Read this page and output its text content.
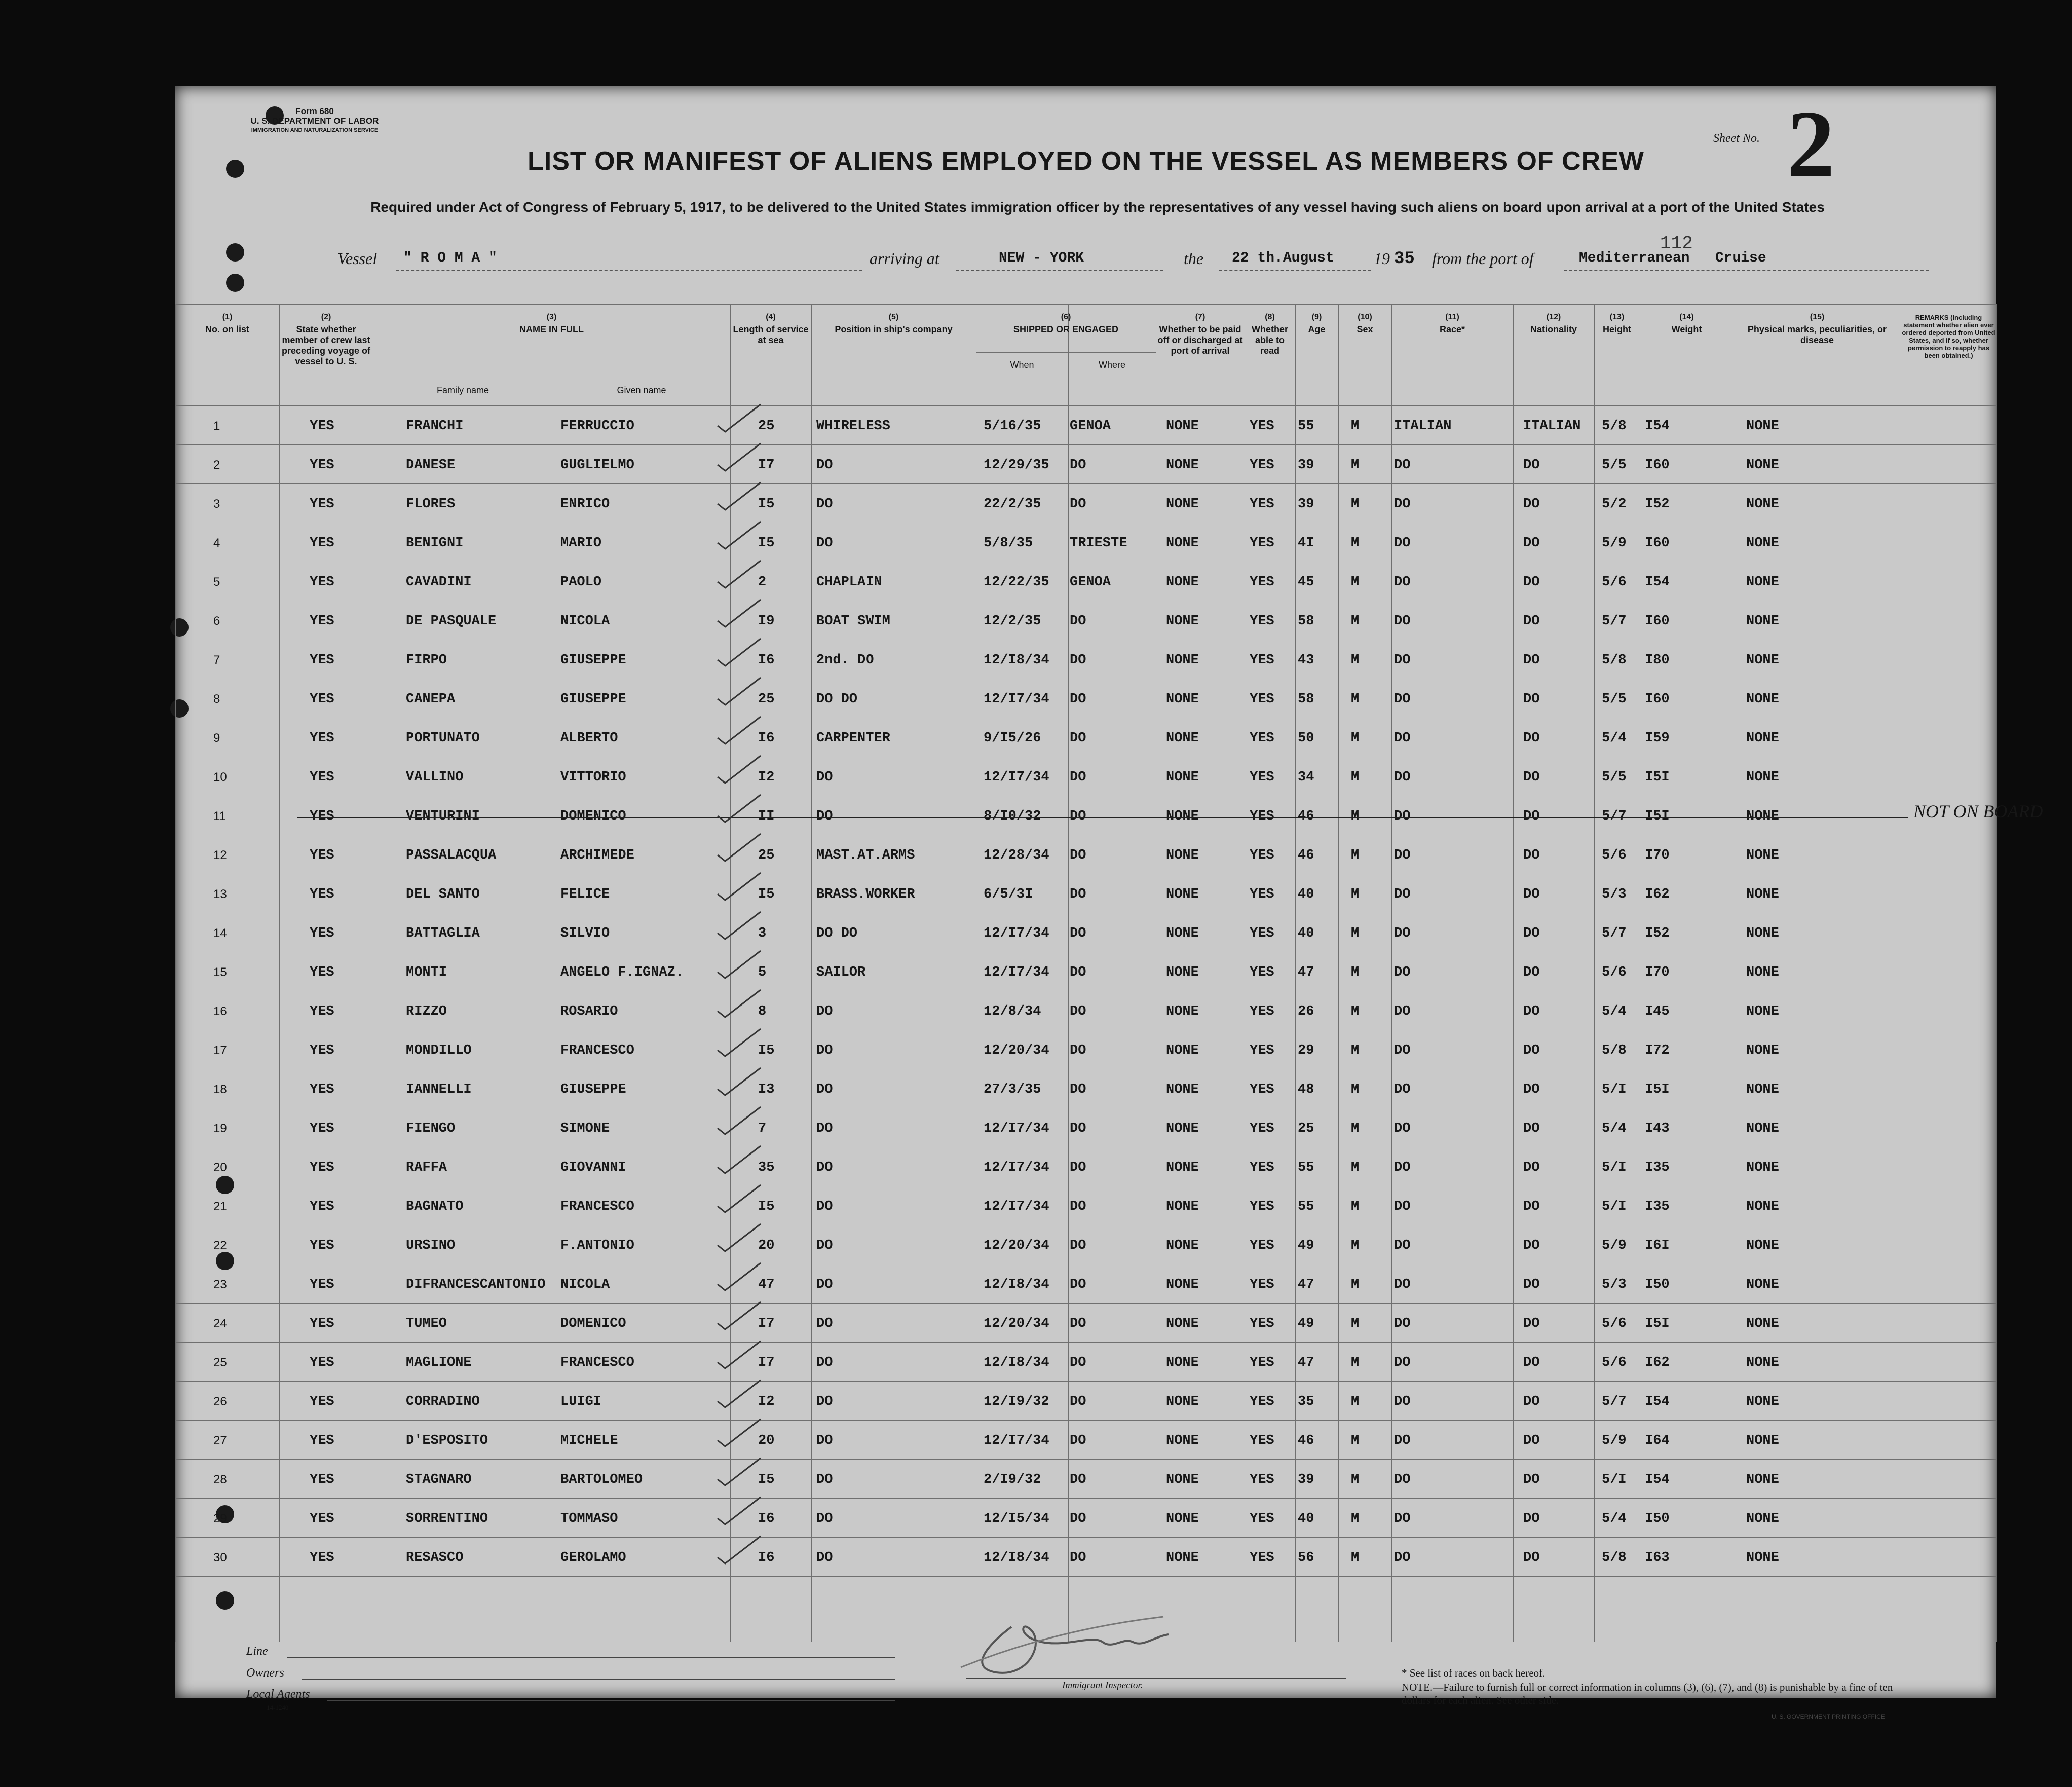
Form 680
U. S. DEPARTMENT OF LABOR
IMMIGRATION AND NATURALIZATION SERVICE
Sheet No. 2
LIST OR MANIFEST OF ALIENS EMPLOYED ON THE VESSEL AS MEMBERS OF CREW
Required under Act of Congress of February 5, 1917, to be delivered to the United States immigration officer by the representatives of any vessel having such aliens on board upon arrival at a port of the United States
112
Vessel " R O M A "	arriving at	NEW - YORK	the 22 th.August 19 35 from the port of	Mediterranean   Cruise
(1)
No. on list
(2)
State whether member of crew last preceding voyage of vessel to U. S.
(3)
NAME IN FULL
(4)
Length of service at sea
(5)
Position in ship's company
(6)
SHIPPED OR ENGAGED
(7)
Whether to be paid off or discharged at port of arrival
(8)
Whether able to read
(9)
Age
(10)
Sex
(11)
Race*
(12)
Nationality
(13)
Height
(14)
Weight
(15)
Physical marks, peculiarities, or disease
REMARKS (Including statement whether alien ever ordered deported from United States, and if so, whether permission to reapply has been obtained.)
Family name	Given name
When	Where
1	YES	FRANCHI	FERRUCCIO	25	WHIRELESS	5/16/35 GENOA	NONE	YES 55	M	ITALIAN	ITALIAN 5/8 I54	NONE
2	YES	DANESE	GUGLIELMO	I7	DO	12/29/35 DO	NONE	YES 39	M	DO	DO	5/5 I60	NONE
3	YES	FLORES	ENRICO	I5	DO	22/2/35 DO	NONE	YES 39	M	DO	DO	5/2 I52	NONE
4	YES	BENIGNI	MARIO	I5	DO	5/8/35	TRIESTE	NONE	YES 4I	M	DO	DO	5/9 I60	NONE
5	YES	CAVADINI	PAOLO	2	CHAPLAIN	12/22/35 GENOA	NONE	YES 45	M	DO	DO	5/6 I54	NONE
6	YES	DE PASQUALE	NICOLA	I9	BOAT SWIM	12/2/35 DO	NONE	YES 58	M	DO	DO	5/7 I60	NONE
7	YES	FIRPO	GIUSEPPE	I6	2nd. DO	12/I8/34 DO	NONE	YES 43	M	DO	DO	5/8 I80	NONE
8	YES	CANEPA	GIUSEPPE	25	DO DO	12/I7/34 DO	NONE	YES 58	M	DO	DO	5/5 I60	NONE
9	YES	PORTUNATO	ALBERTO	I6	CARPENTER	9/I5/26 DO	NONE	YES 50	M	DO	DO	5/4 I59	NONE
10	YES	VALLINO	VITTORIO	I2	DO	12/I7/34 DO	NONE	YES 34	M	DO	DO	5/5 I5I	NONE
11	YES	VENTURINI	DOMENICO	II	DO	8/I0/32 DO	NONE	YES 46	M	DO	DO	5/7 I5I	NONE	NOT ON BOARD
12	YES	PASSALACQUA	ARCHIMEDE	25	MAST.AT.ARMS	12/28/34 DO	NONE	YES 46	M	DO	DO	5/6 I70	NONE
13	YES	DEL SANTO	FELICE	I5	BRASS.WORKER	6/5/3I	DO	NONE	YES 40	M	DO	DO	5/3 I62	NONE
14	YES	BATTAGLIA	SILVIO	3	DO DO	12/I7/34 DO	NONE	YES 40	M	DO	DO	5/7 I52	NONE
15	YES	MONTI	ANGELO F.IGNAZ.	5	SAILOR	12/I7/34 DO	NONE	YES 47	M	DO	DO	5/6 I70	NONE
16	YES	RIZZO	ROSARIO	8	DO	12/8/34 DO	NONE	YES 26	M	DO	DO	5/4 I45	NONE
17	YES	MONDILLO	FRANCESCO	I5	DO	12/20/34 DO	NONE	YES 29	M	DO	DO	5/8 I72	NONE
18	YES	IANNELLI	GIUSEPPE	I3	DO	27/3/35 DO	NONE	YES 48	M	DO	DO	5/I I5I	NONE
19	YES	FIENGO	SIMONE	7	DO	12/I7/34 DO	NONE	YES 25	M	DO	DO	5/4 I43	NONE
20	YES	RAFFA	GIOVANNI	35	DO	12/I7/34 DO	NONE	YES 55	M	DO	DO	5/I I35	NONE
21	YES	BAGNATO	FRANCESCO	I5	DO	12/I7/34 DO	NONE	YES 55	M	DO	DO	5/I I35	NONE
22	YES	URSINO	F.ANTONIO	20	DO	12/20/34 DO	NONE	YES 49	M	DO	DO	5/9 I6I	NONE
23	YES	DIFRANCESCANTONIO NICOLA	47	DO	12/I8/34 DO	NONE	YES 47	M	DO	DO	5/3 I50	NONE
24	YES	TUMEO	DOMENICO	I7	DO	12/20/34 DO	NONE	YES 49	M	DO	DO	5/6 I5I	NONE
25	YES	MAGLIONE	FRANCESCO	I7	DO	12/I8/34 DO	NONE	YES 47	M	DO	DO	5/6 I62	NONE
26	YES	CORRADINO	LUIGI	I2	DO	12/I9/32 DO	NONE	YES 35	M	DO	DO	5/7 I54	NONE
27	YES	D'ESPOSITO	MICHELE	20	DO	12/I7/34 DO	NONE	YES 46	M	DO	DO	5/9 I64	NONE
28	YES	STAGNARO	BARTOLOMEO	I5	DO	2/I9/32 DO	NONE	YES 39	M	DO	DO	5/I I54	NONE
29	YES	SORRENTINO	TOMMASO	I6	DO	12/I5/34 DO	NONE	YES 40	M	DO	DO	5/4 I50	NONE
30	YES	RESASCO	GEROLAMO	I6	DO	12/I8/34 DO	NONE	YES 56	M	DO	DO	5/8 I63	NONE
Line
Owners
Local Agents
14-1240
Immigrant Inspector.
* See list of races on back hereof.
NOTE.—Failure to furnish full or correct information in columns (3), (6), (7), and (8) is punishable by a fine of ten dollars for each alien. See other side.
U. S. GOVERNMENT PRINTING OFFICE
